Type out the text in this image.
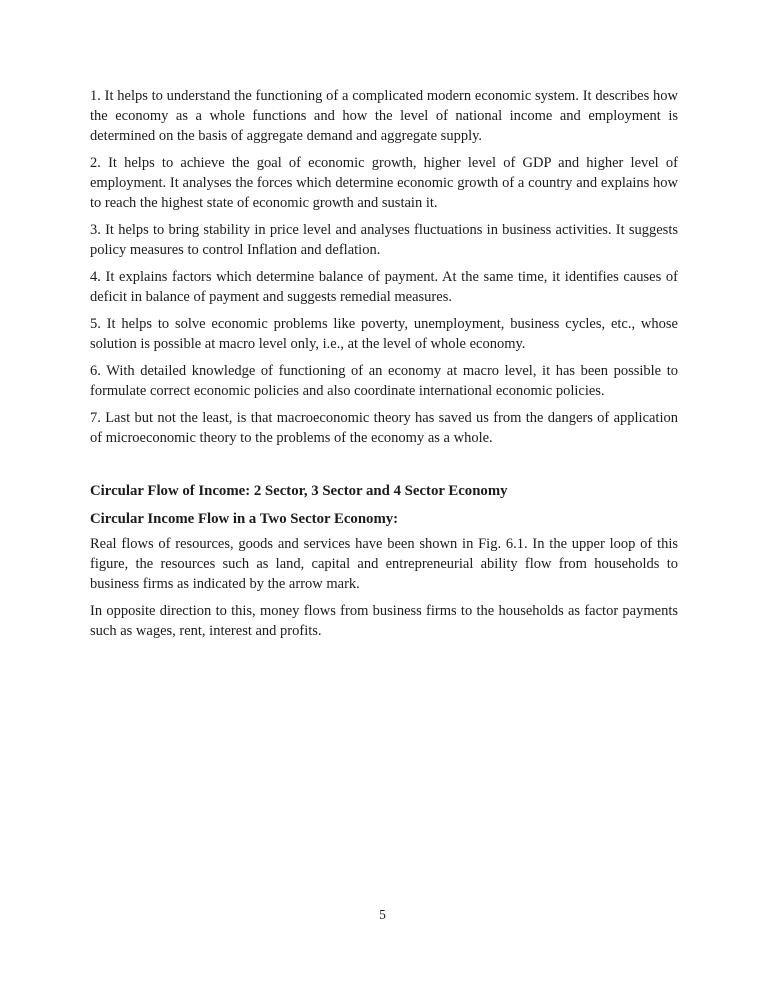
1. It helps to understand the functioning of a complicated modern economic system. It describes how the economy as a whole functions and how the level of national income and employment is determined on the basis of aggregate demand and aggregate supply.

2. It helps to achieve the goal of economic growth, higher level of GDP and higher level of employment. It analyses the forces which determine economic growth of a country and explains how to reach the highest state of economic growth and sustain it.

3. It helps to bring stability in price level and analyses fluctuations in business activities. It suggests policy measures to control Inflation and deflation.

4. It explains factors which determine balance of payment. At the same time, it identifies causes of deficit in balance of payment and suggests remedial measures.

5. It helps to solve economic problems like poverty, unemployment, business cycles, etc., whose solution is possible at macro level only, i.e., at the level of whole economy.

6. With detailed knowledge of functioning of an economy at macro level, it has been possible to formulate correct economic policies and also coordinate international economic policies.

7. Last but not the least, is that macroeconomic theory has saved us from the dangers of application of microeconomic theory to the problems of the economy as a whole.

Circular Flow of Income: 2 Sector, 3 Sector and 4 Sector Economy
Circular Income Flow in a Two Sector Economy:

Real flows of resources, goods and services have been shown in Fig. 6.1. In the upper loop of this figure, the resources such as land, capital and entrepreneurial ability flow from households to business firms as indicated by the arrow mark.

In opposite direction to this, money flows from business firms to the households as factor payments such as wages, rent, interest and profits.

5
